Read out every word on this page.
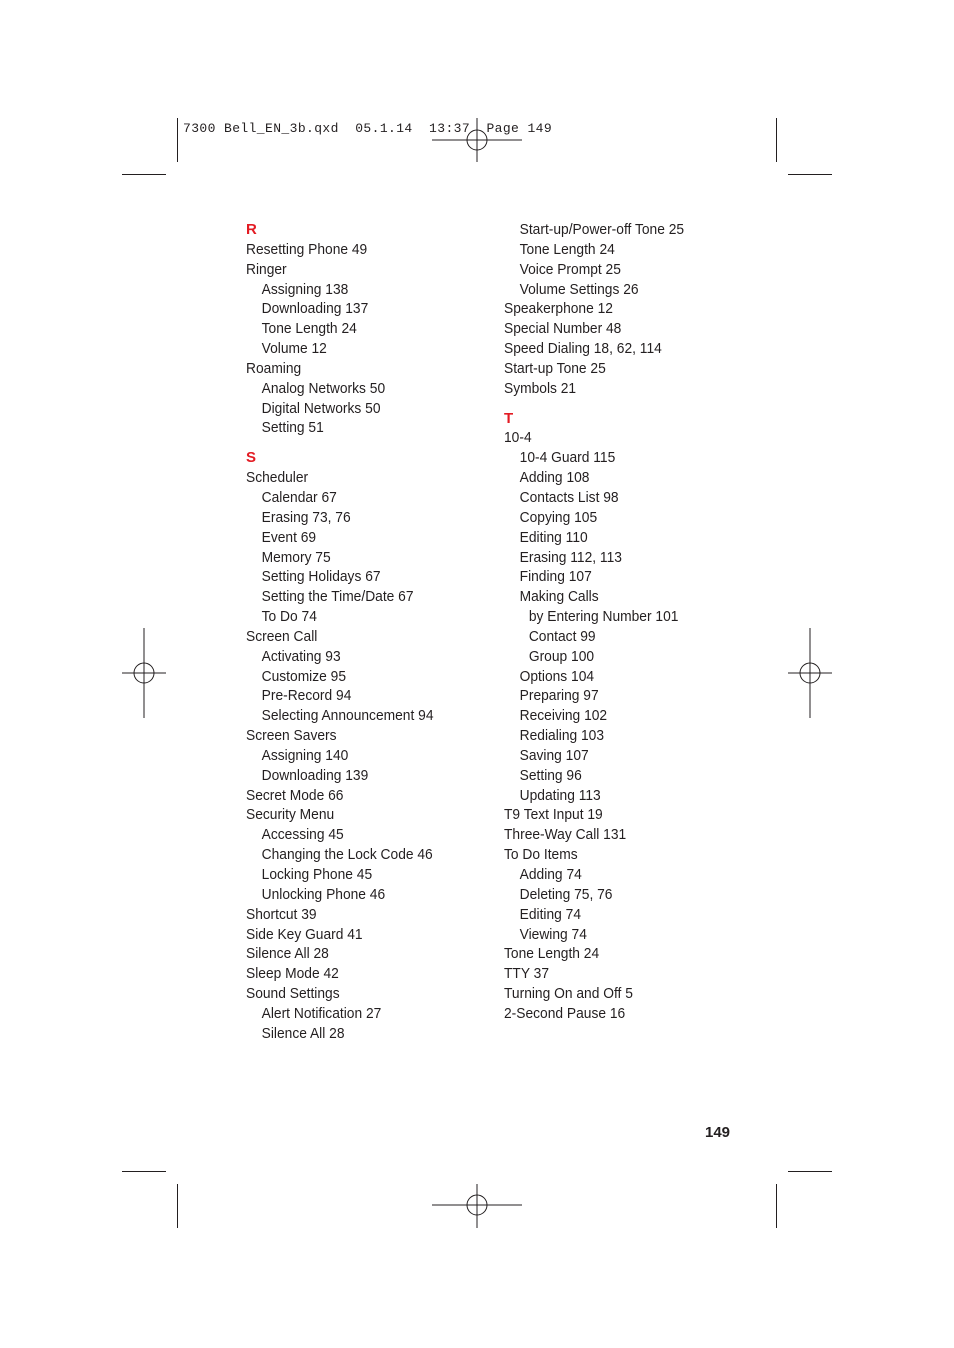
7300 Bell_EN_3b.qxd  05.1.14  13:37  Page 149
R
Resetting Phone 49
Ringer
Assigning 138
Downloading 137
Tone Length 24
Volume 12
Roaming
Analog Networks 50
Digital Networks 50
Setting 51
S
Scheduler
Calendar 67
Erasing 73, 76
Event 69
Memory 75
Setting Holidays 67
Setting the Time/Date 67
To Do 74
Screen Call
Activating 93
Customize 95
Pre-Record 94
Selecting Announcement 94
Screen Savers
Assigning 140
Downloading 139
Secret Mode 66
Security Menu
Accessing 45
Changing the Lock Code 46
Locking Phone 45
Unlocking Phone 46
Shortcut 39
Side Key Guard 41
Silence All 28
Sleep Mode 42
Sound Settings
Alert Notification 27
Silence All 28
Start-up/Power-off Tone 25
Tone Length 24
Voice Prompt 25
Volume Settings 26
Speakerphone 12
Special Number 48
Speed Dialing 18, 62, 114
Start-up Tone 25
Symbols 21
T
10-4
10-4 Guard 115
Adding 108
Contacts List 98
Copying 105
Editing 110
Erasing 112, 113
Finding 107
Making Calls
by Entering Number 101
Contact 99
Group 100
Options 104
Preparing 97
Receiving 102
Redialing 103
Saving 107
Setting 96
Updating 113
T9 Text Input 19
Three-Way Call 131
To Do Items
Adding 74
Deleting 75, 76
Editing 74
Viewing 74
Tone Length 24
TTY 37
Turning On and Off 5
2-Second Pause 16
149
